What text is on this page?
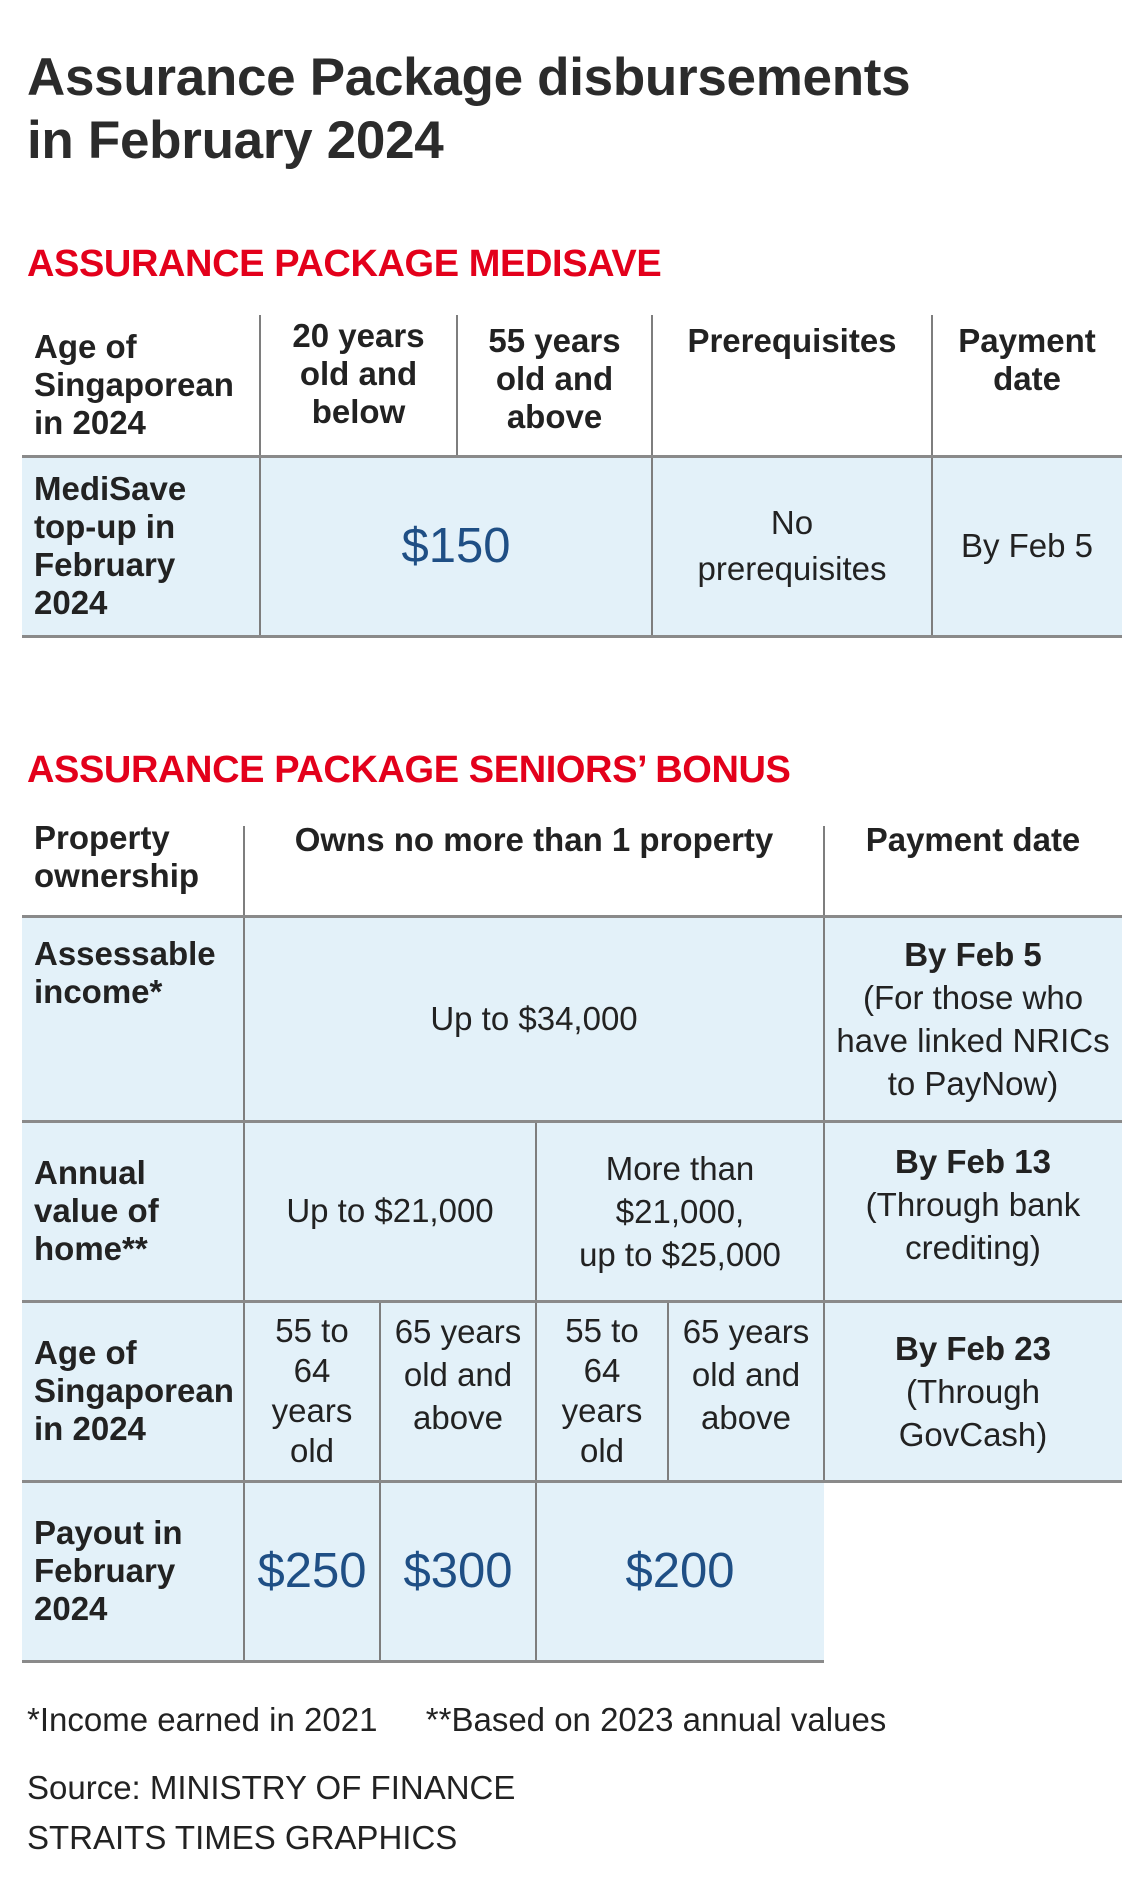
Assurance Package disbursements
in February 2024
ASSURANCE PACKAGE MEDISAVE
Age of
Singaporean
in 2024
20 years
old and
below
55 years
old and
above
Prerequisites Payment
date
MediSave
top-up in
February
2024
$150	No
prerequisites
By Feb 5
ASSURANCE PACKAGE SENIORS’ BONUS
Property
ownership
Owns no more than 1 property	Payment date
Assessable
income*
Up to $34,000
Annual
value of
home**
Up to $21,000
More than
$21,000,
up to $25,000
Age of
Singaporean
in 2024
55 to
64
years
old
65 years
old and
above
55 to
64
years
old
65 years
old and
above
Payout in
February
2024
$250 $300 $200
By Feb 5
(For those who
have linked NRICs
to PayNow)
By Feb 13
(Through bank
crediting)
By Feb 23
(Through
GovCash)

*Income earned in 2021 **Based on 2023 annual values

Source: MINISTRY OF FINANCE

STRAITS TIMES GRAPHICS
